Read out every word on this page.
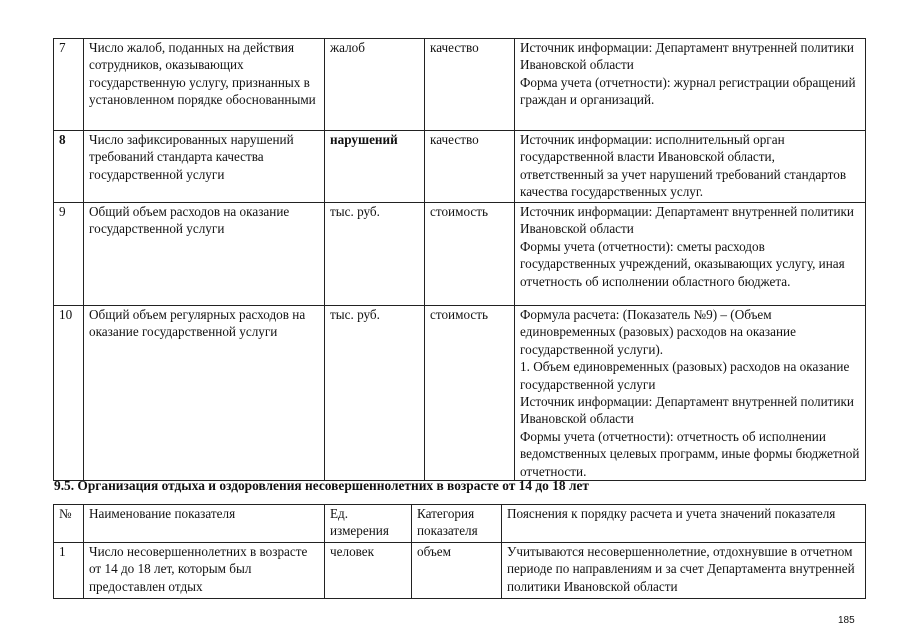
7	Число жалоб, поданных на действия сотрудников, оказывающих государственную услугу, признанных в установленном порядке обоснованными	жалоб	качество	Источник информации: Департамент внутренней политики Ивановской области

Форма учета (отчетности): журнал регистрации обращений граждан и организаций.

8	Число зафиксированных нарушений требований стандарта качества государственной услуги	нарушений	качество	Источник информации: исполнительный орган государственной власти Ивановской области, ответственный за учет нарушений требований стандартов качества государственных услуг.

9	Общий объем расходов на оказание государственной услуги	тыс. руб.	стоимость	Источник информации: Департамент внутренней политики Ивановской области

Формы учета (отчетности): сметы расходов государственных учреждений, оказывающих услугу, иная отчетность об исполнении областного бюджета.

10	Общий объем регулярных расходов на оказание государственной услуги	тыс. руб.	стоимость	Формула расчета: (Показатель №9) – (Объем единовременных (разовых) расходов на оказание государственной услуги).

1. Объем единовременных (разовых) расходов на оказание государственной услуги

Источник информации: Департамент внутренней политики Ивановской области

Формы учета (отчетности): отчетность об исполнении ведомственных целевых программ, иные формы бюджетной отчетности.

9.5. Организация отдыха и оздоровления несовершеннолетних в возрасте от 14 до 18 лет
№	Наименование показателя	Ед. измерения	Категория показателя	Пояснения к порядку расчета и учета значений показателя
1	Число несовершеннолетних в возрасте от 14 до 18 лет, которым был предоставлен отдых	человек	объем	Учитываются несовершеннолетние, отдохнувшие в отчетном периоде по направлениям и за счет Департамента внутренней политики Ивановской области
185
